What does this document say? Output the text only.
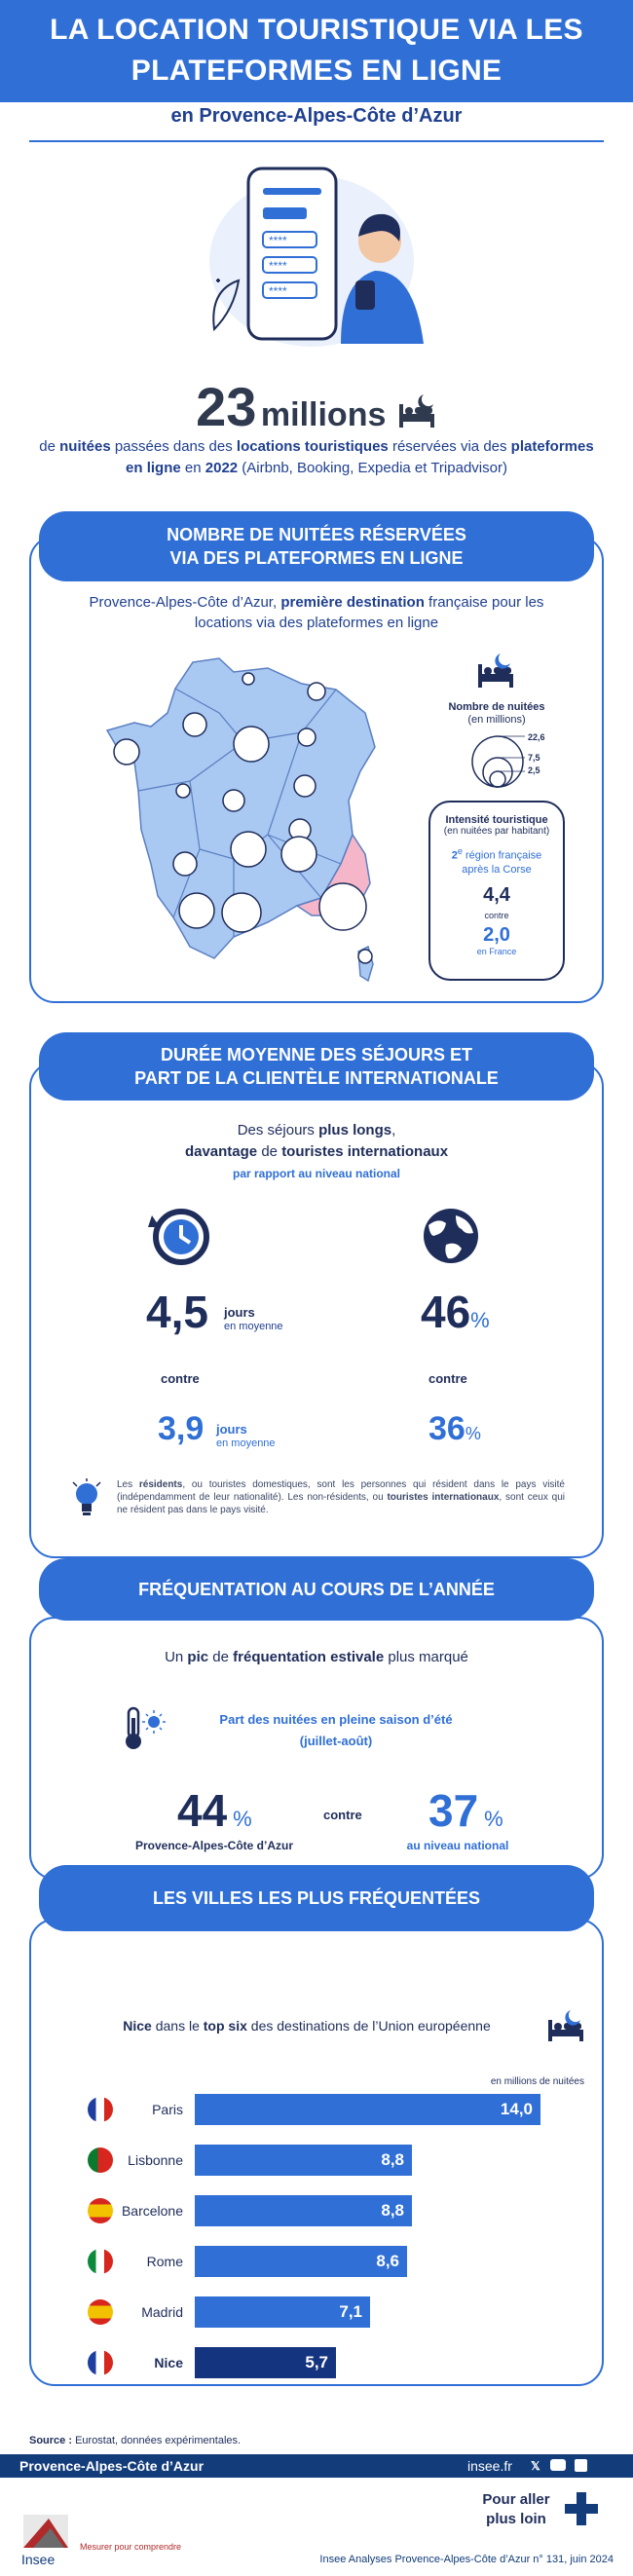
LA LOCATION TOURISTIQUE VIA LES PLATEFORMES EN LIGNE
en Provence-Alpes-Côte d’Azur
****
****
****
23 millions
de nuitées passées dans des locations touristiques réservées via des plateformes en ligne en 2022 (Airbnb, Booking, Expedia et Tripadvisor)
NOMBRE DE NUITÉES RÉSERVÉES
VIA DES PLATEFORMES EN LIGNE
Provence-Alpes-Côte d’Azur, première destination française pour les locations via des plateformes en ligne
Nombre de nuitées
(en millions)
22,6
7,5
2,5
Intensité touristique
(en nuitées par habitant)
2e région française après la Corse
4,4
contre
2,0
en France
DURÉE MOYENNE DES SÉJOURS ET
PART DE LA CLIENTÈLE INTERNATIONALE
Des séjours plus longs,
davantage de touristes internationaux
par rapport au niveau national
4,5 jours
en moyenne	46%
contre	contre
3,9 jours
en moyenne	36%
Les résidents, ou touristes domestiques, sont les personnes qui résident dans le pays visité (indépendamment de leur nationalité). Les non-résidents, ou touristes internationaux, sont ceux qui ne résident pas dans le pays visité.
FRÉQUENTATION AU COURS DE L’ANNÉE
Un pic de fréquentation estivale plus marqué
Part des nuitées en pleine saison d’été
(juillet-août)
44 %
Provence-Alpes-Côte d’Azur
contre 37 %
au niveau national
LES VILLES LES PLUS FRÉQUENTÉES
Nice dans le top six des destinations de l’Union européenne
en millions de nuitées
Paris	14,0
Lisbonne	8,8
Barcelone	8,8
Rome	8,6
Madrid	7,1
Nice	5,7
Source : Eurostat, données expérimentales.
Provence-Alpes-Côte d’Azur	insee.fr 𝕏
Pour aller
plus loin
Insee
Mesurer pour comprendre
Insee Analyses Provence-Alpes-Côte d’Azur n° 131, juin 2024
